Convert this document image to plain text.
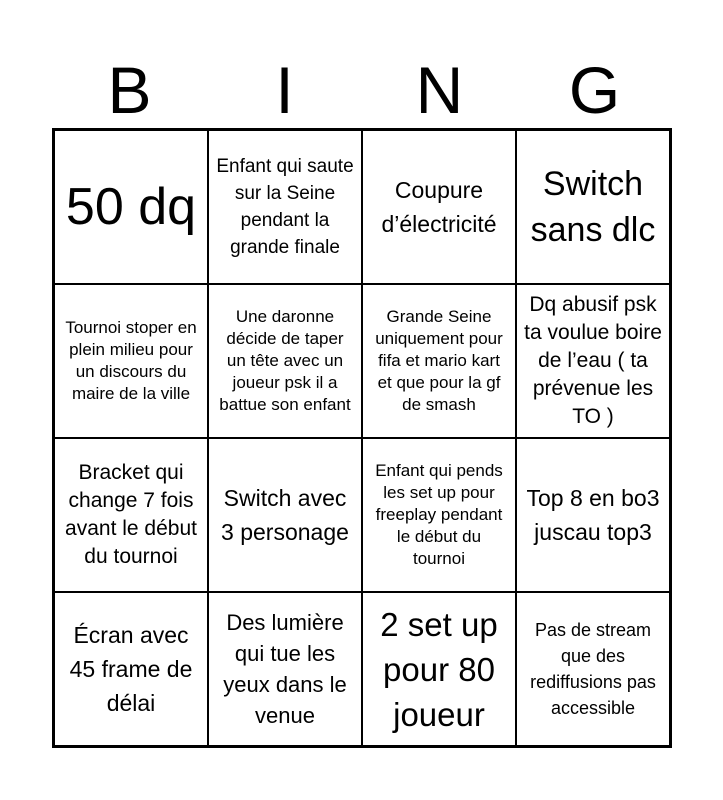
B	I	N	G
50 dq
Enfant qui saute sur la Seine pendant la grande finale
Coupure d’électricité
Switch sans dlc
Tournoi stoper en plein milieu pour un discours du maire de la ville
Une daronne décide de taper un tête avec un joueur psk il a battue son enfant
Grande Seine uniquement pour fifa et mario kart et que pour la gf de smash
Dq abusif psk ta voulue boire de l’eau ( ta prévenue les TO )
Bracket qui change 7 fois avant le début du tournoi
Switch avec 3 personage
Enfant qui pends les set up pour freeplay pendant le début du tournoi
Top 8 en bo3 juscau top3
Écran avec 45 frame de délai
Des lumière qui tue les yeux dans le venue
2 set up pour 80 joueur
Pas de stream que des rediffusions pas accessible
